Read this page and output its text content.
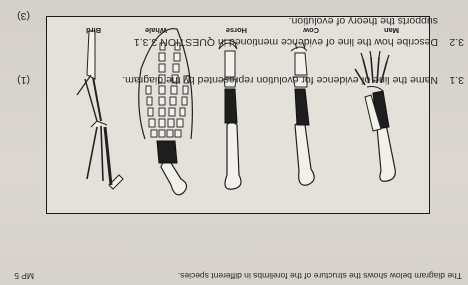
The diagram below shows the structure of the forelimbs in different species.
MP 5
Man
Cow
Horse
Whale
Bird
3.1
Name the line of evidence for evolution represented by the diagram.
(1)
3.2
Describe how the line of evidence mentioned in QUESTION 3.3.1
supports the theory of evolution.
(3)
